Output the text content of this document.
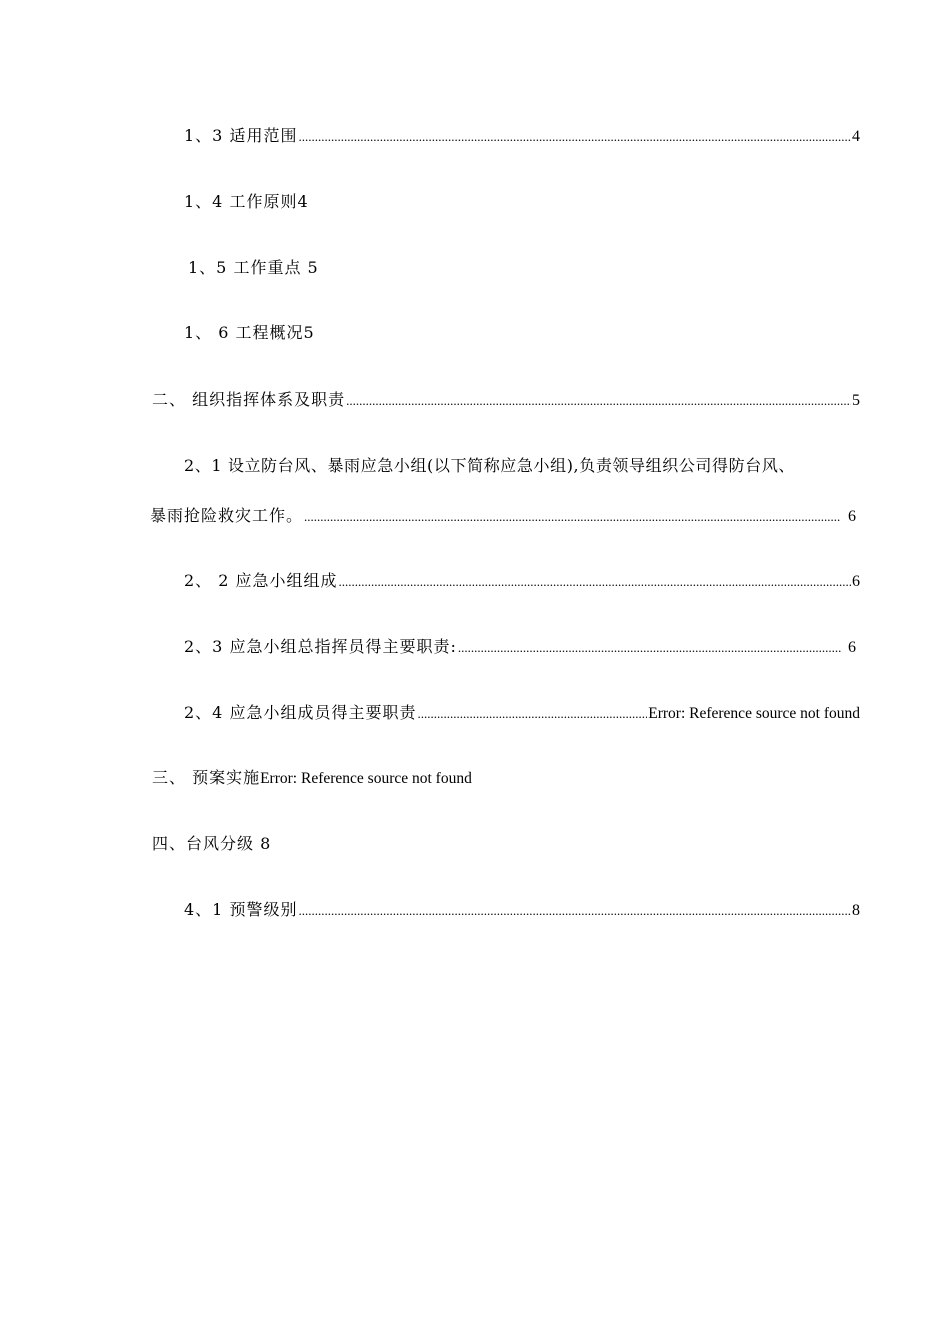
1、3 适用范围 .....	4
1、4 工作原则4
1、5 工作重点 5
1、 6 工程概况5
二、 组织指挥体系及职责 .....	5
2、1 设立防台风、暴雨应急小组(以下简称应急小组),负责领导组织公司得防台风、
暴雨抢险救灾工作。 .....	6
2、 2 应急小组组成 .....	6
2、3 应急小组总指挥员得主要职责: .....	6
2、4 应急小组成员得主要职责 .....	Error: Reference source not found
三、 预案实施Error: Reference source not found
四、台风分级 8
4、1 预警级别 .....	8
